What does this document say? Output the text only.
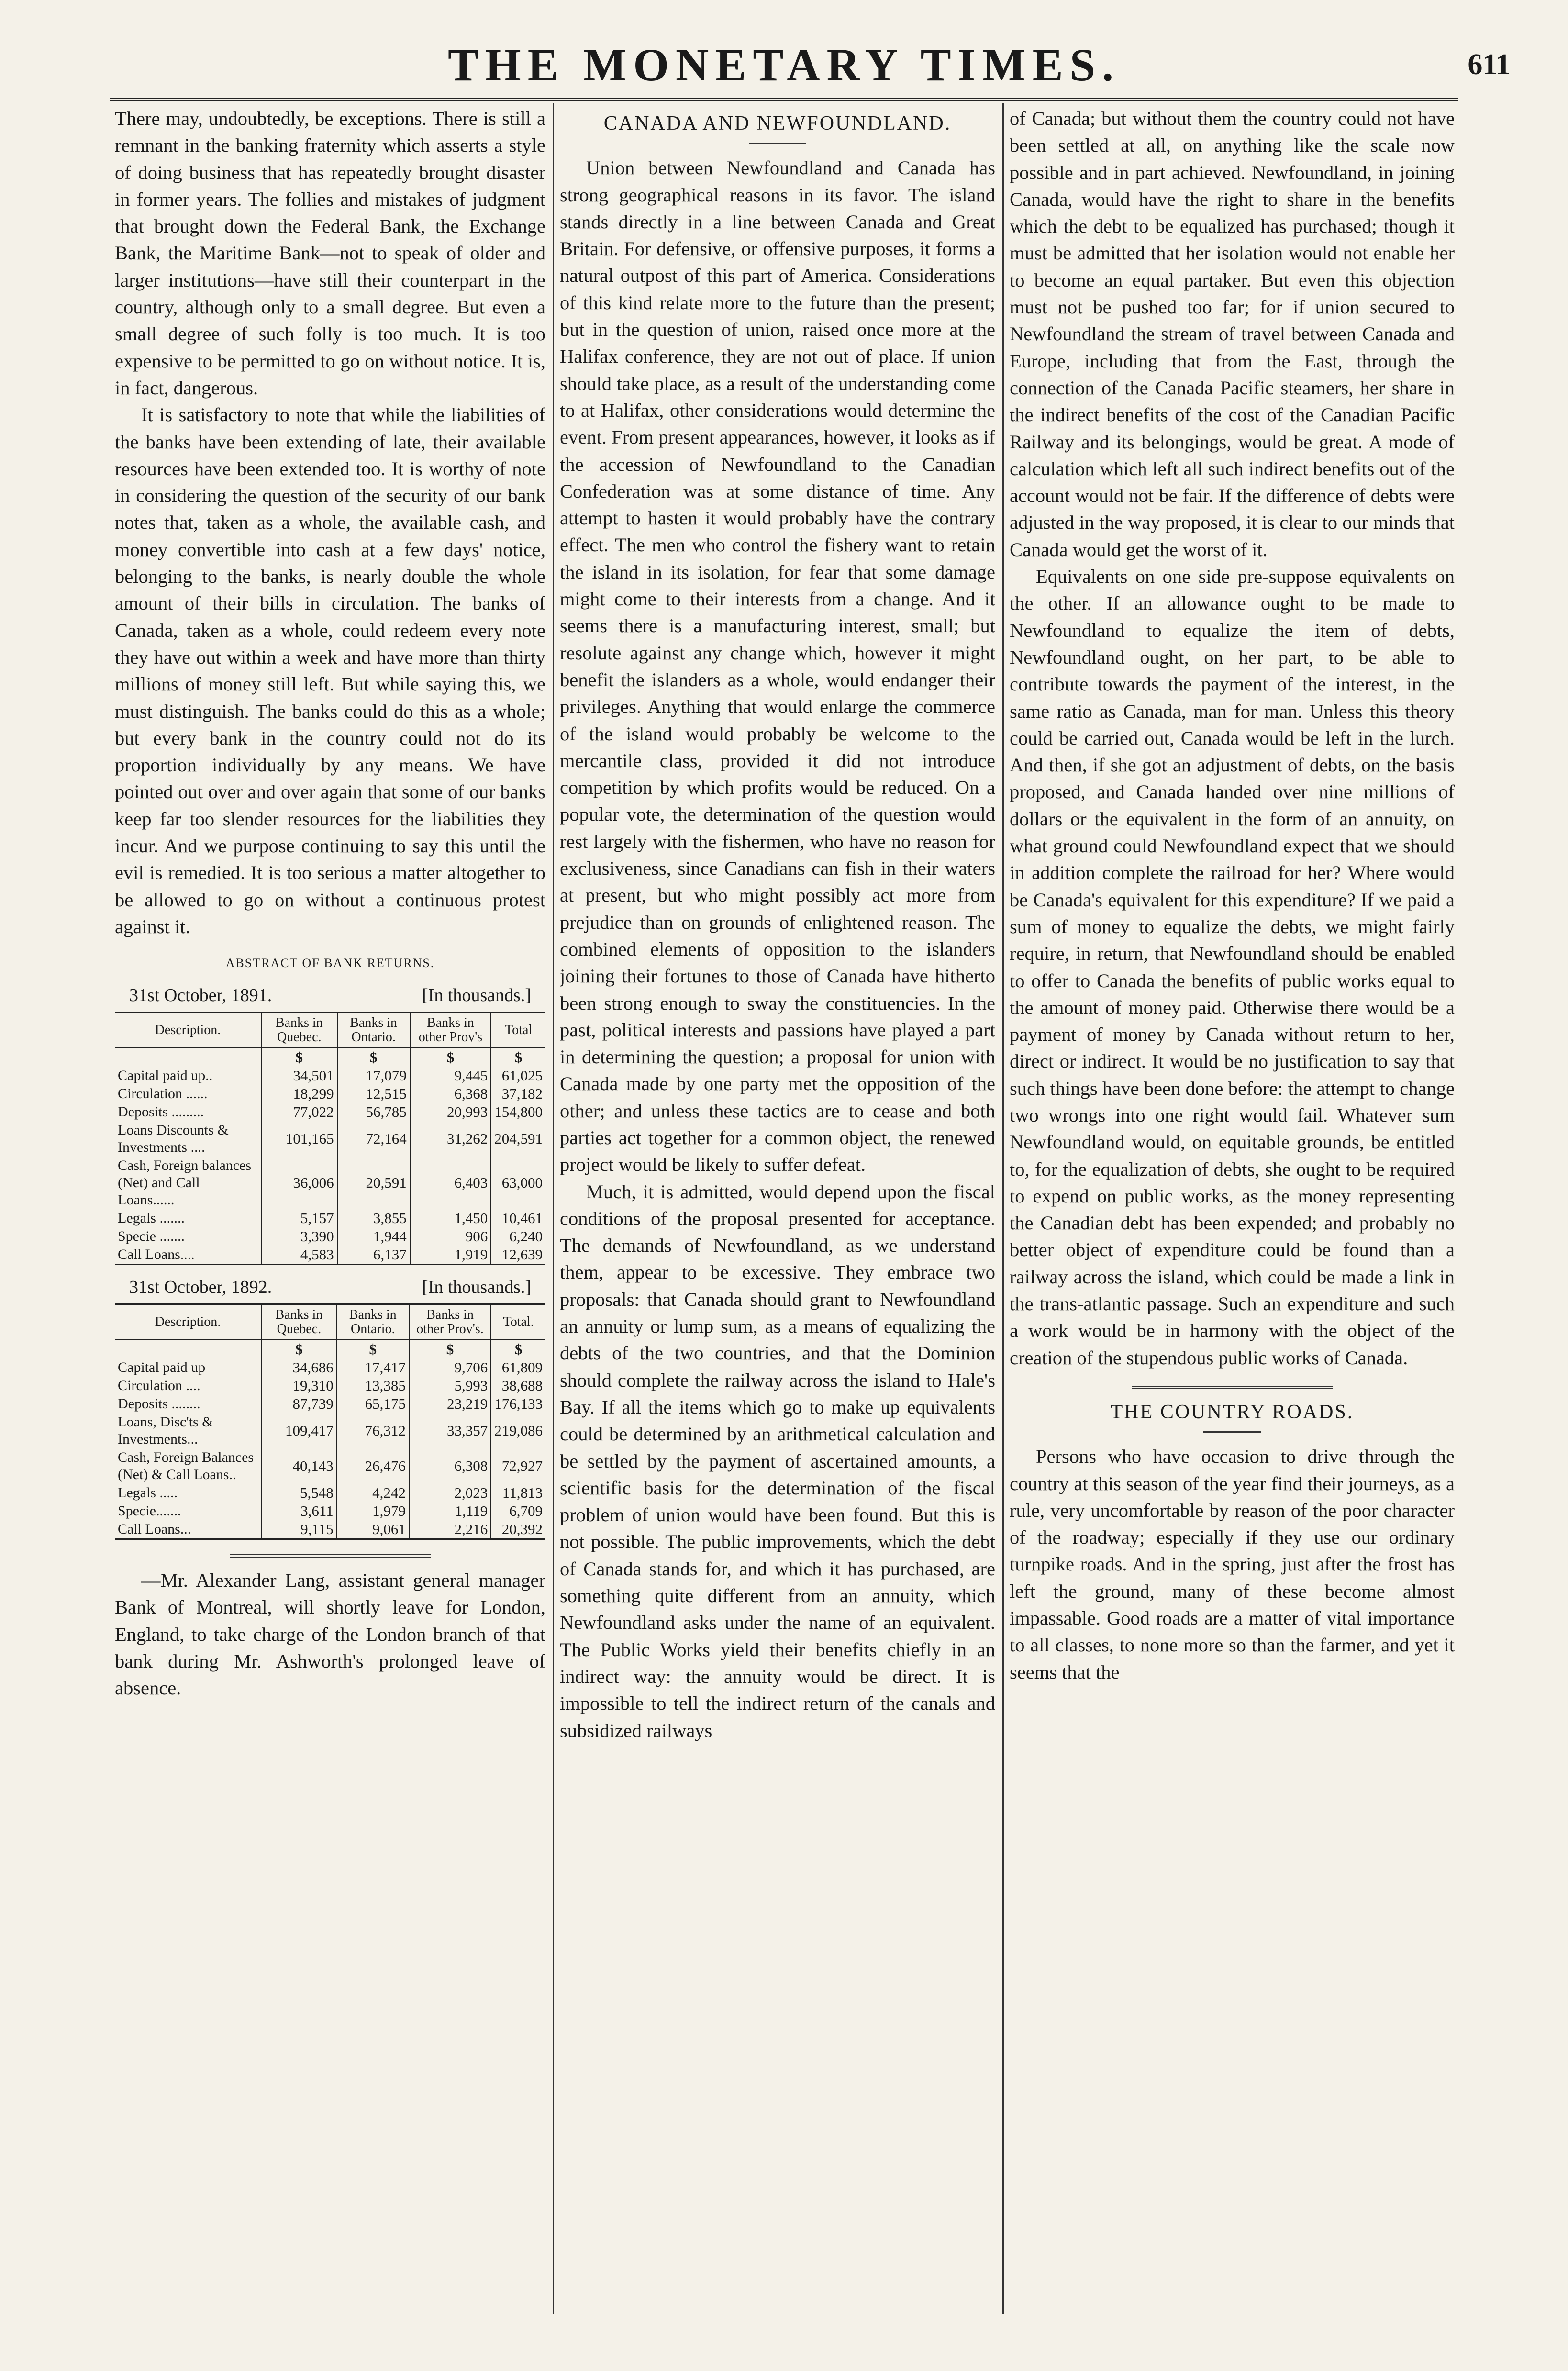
THE MONETARY TIMES.	611

There may, undoubtedly, be exceptions. There is still a remnant in the banking fraternity which asserts a style of doing business that has repeatedly brought disaster in former years. The follies and mistakes of judgment that brought down the Federal Bank, the Exchange Bank, the Maritime Bank—not to speak of older and larger institutions—have still their counterpart in the country, although only to a small degree. But even a small degree of such folly is too much. It is too expensive to be permitted to go on without notice. It is, in fact, dangerous.

It is satisfactory to note that while the liabilities of the banks have been extending of late, their available resources have been extended too. It is worthy of note in considering the question of the security of our bank notes that, taken as a whole, the available cash, and money convertible into cash at a few days' notice, belonging to the banks, is nearly double the whole amount of their bills in circulation. The banks of Canada, taken as a whole, could redeem every note they have out within a week and have more than thirty millions of money still left. But while saying this, we must distinguish. The banks could do this as a whole; but every bank in the country could not do its proportion individually by any means. We have pointed out over and over again that some of our banks keep far too slender resources for the liabilities they incur. And we purpose continuing to say this until the evil is remedied. It is too serious a matter altogether to be allowed to go on without a continuous protest against it.

ABSTRACT OF BANK RETURNS.
31st October, 1891.	[In thousands.]
Description.	Banks in Quebec.	Banks in Ontario.	Banks in other Prov's	Total
	$	$	$	$
Capital paid up..	34,501	17,079	9,445	61,025
Circulation ......	18,299	12,515	6,368	37,182
Deposits .........	77,022	56,785	20,993	154,800
Loans Discounts & Investments ....	101,165	72,164	31,262	204,591
Cash, Foreign balances (Net) and Call Loans......	36,006	20,591	6,403	63,000
Legals .......	5,157	3,855	1,450	10,461
Specie .......	3,390	1,944	906	6,240
Call Loans....	4,583	6,137	1,919	12,639
31st October, 1892.	[In thousands.]
Description.	Banks in Quebec.	Banks in Ontario.	Banks in other Prov's.	Total.
	$	$	$	$
Capital paid up	34,686	17,417	9,706	61,809
Circulation ....	19,310	13,385	5,993	38,688
Deposits ........	87,739	65,175	23,219	176,133
Loans, Disc'ts & Investments...	109,417	76,312	33,357	219,086
Cash, Foreign Balances (Net) & Call Loans..	40,143	26,476	6,308	72,927
Legals .....	5,548	4,242	2,023	11,813
Specie.......	3,611	1,979	1,119	6,709
Call Loans...	9,115	9,061	2,216	20,392

—Mr. Alexander Lang, assistant general manager Bank of Montreal, will shortly leave for London, England, to take charge of the London branch of that bank during Mr. Ashworth's prolonged leave of absence.

CANADA AND NEWFOUNDLAND.

Union between Newfoundland and Canada has strong geographical reasons in its favor. The island stands directly in a line between Canada and Great Britain. For defensive, or offensive purposes, it forms a natural outpost of this part of America. Considerations of this kind relate more to the future than the present; but in the question of union, raised once more at the Halifax conference, they are not out of place. If union should take place, as a result of the understanding come to at Halifax, other considerations would determine the event. From present appearances, however, it looks as if the accession of Newfoundland to the Canadian Confederation was at some distance of time. Any attempt to hasten it would probably have the contrary effect. The men who control the fishery want to retain the island in its isolation, for fear that some damage might come to their interests from a change. And it seems there is a manufacturing interest, small; but resolute against any change which, however it might benefit the islanders as a whole, would endanger their privileges. Anything that would enlarge the commerce of the island would probably be welcome to the mercantile class, provided it did not introduce competition by which profits would be reduced. On a popular vote, the determination of the question would rest largely with the fishermen, who have no reason for exclusiveness, since Canadians can fish in their waters at present, but who might possibly act more from prejudice than on grounds of enlightened reason. The combined elements of opposition to the islanders joining their fortunes to those of Canada have hitherto been strong enough to sway the constituencies. In the past, political interests and passions have played a part in determining the question; a proposal for union with Canada made by one party met the opposition of the other; and unless these tactics are to cease and both parties act together for a common object, the renewed project would be likely to suffer defeat.

Much, it is admitted, would depend upon the fiscal conditions of the proposal presented for acceptance. The demands of Newfoundland, as we understand them, appear to be excessive. They embrace two proposals: that Canada should grant to Newfoundland an annuity or lump sum, as a means of equalizing the debts of the two countries, and that the Dominion should complete the railway across the island to Hale's Bay. If all the items which go to make up equivalents could be determined by an arithmetical calculation and be settled by the payment of ascertained amounts, a scientific basis for the determination of the fiscal problem of union would have been found. But this is not possible. The public improvements, which the debt of Canada stands for, and which it has purchased, are something quite different from an annuity, which Newfoundland asks under the name of an equivalent. The Public Works yield their benefits chiefly in an indirect way: the annuity would be direct. It is impossible to tell the indirect return of the canals and subsidized railways

of Canada; but without them the country could not have been settled at all, on anything like the scale now possible and in part achieved. Newfoundland, in joining Canada, would have the right to share in the benefits which the debt to be equalized has purchased; though it must be admitted that her isolation would not enable her to become an equal partaker. But even this objection must not be pushed too far; for if union secured to Newfoundland the stream of travel between Canada and Europe, including that from the East, through the connection of the Canada Pacific steamers, her share in the indirect benefits of the cost of the Canadian Pacific Railway and its belongings, would be great. A mode of calculation which left all such indirect benefits out of the account would not be fair. If the difference of debts were adjusted in the way proposed, it is clear to our minds that Canada would get the worst of it.

Equivalents on one side pre-suppose equivalents on the other. If an allowance ought to be made to Newfoundland to equalize the item of debts, Newfoundland ought, on her part, to be able to contribute towards the payment of the interest, in the same ratio as Canada, man for man. Unless this theory could be carried out, Canada would be left in the lurch. And then, if she got an adjustment of debts, on the basis proposed, and Canada handed over nine millions of dollars or the equivalent in the form of an annuity, on what ground could Newfoundland expect that we should in addition complete the railroad for her? Where would be Canada's equivalent for this expenditure? If we paid a sum of money to equalize the debts, we might fairly require, in return, that Newfoundland should be enabled to offer to Canada the benefits of public works equal to the amount of money paid. Otherwise there would be a payment of money by Canada without return to her, direct or indirect. It would be no justification to say that such things have been done before: the attempt to change two wrongs into one right would fail. Whatever sum Newfoundland would, on equitable grounds, be entitled to, for the equalization of debts, she ought to be required to expend on public works, as the money representing the Canadian debt has been expended; and probably no better object of expenditure could be found than a railway across the island, which could be made a link in the trans-atlantic passage. Such an expenditure and such a work would be in harmony with the object of the creation of the stupendous public works of Canada.

THE COUNTRY ROADS.

Persons who have occasion to drive through the country at this season of the year find their journeys, as a rule, very uncomfortable by reason of the poor character of the roadway; especially if they use our ordinary turnpike roads. And in the spring, just after the frost has left the ground, many of these become almost impassable. Good roads are a matter of vital importance to all classes, to none more so than the farmer, and yet it seems that the
